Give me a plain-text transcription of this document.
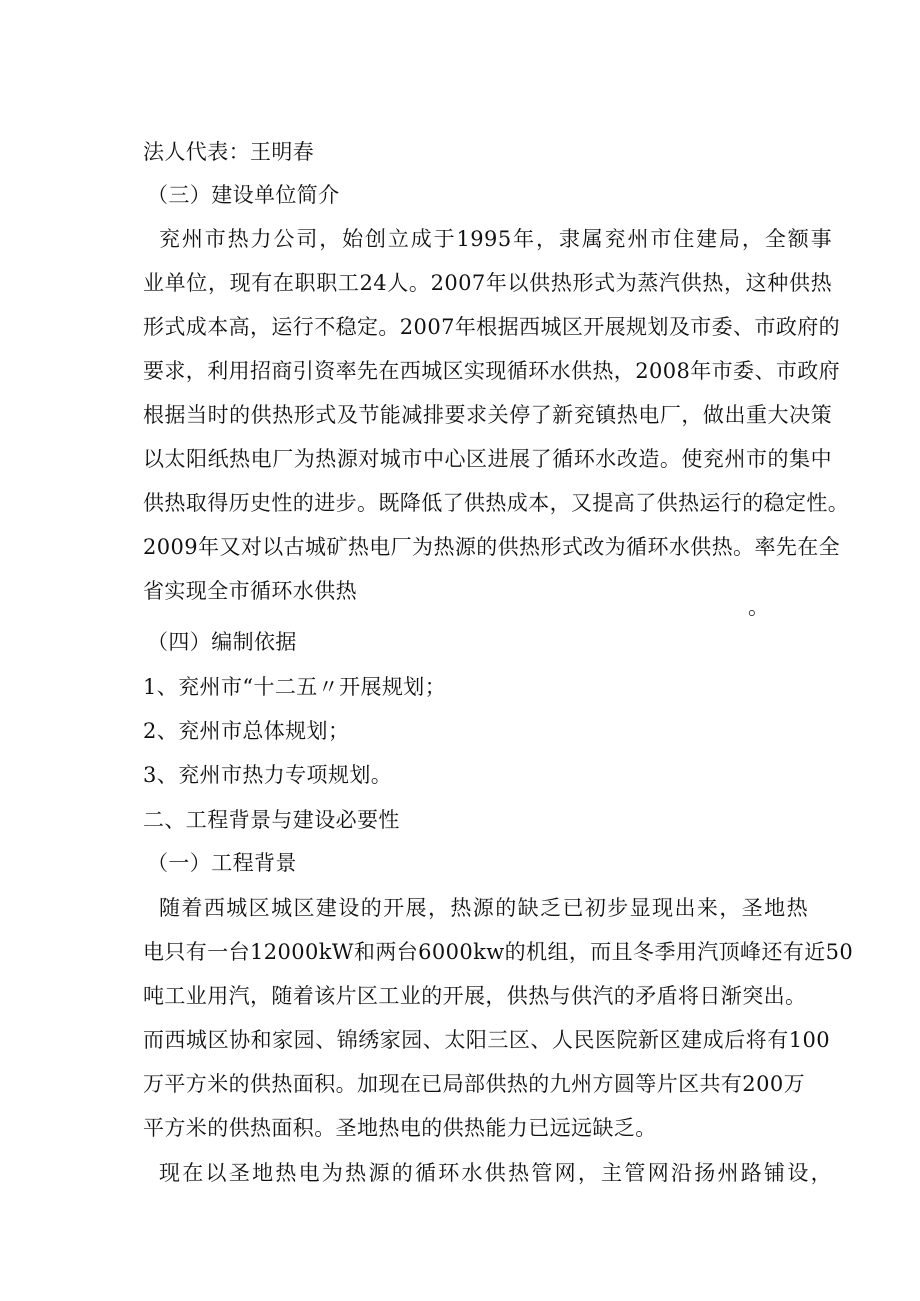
法人代表：王明春
（三）建设单位简介
兖州市热力公司，始创立成于1995年，隶属兖州市住建局，全额事
业单位，现有在职职工24人。2007年以供热形式为蒸汽供热，这种供热
形式成本高，运行不稳定。2007年根据西城区开展规划及市委、市政府的
要求，利用招商引资率先在西城区实现循环水供热，2008年市委、市政府
根据当时的供热形式及节能减排要求关停了新兖镇热电厂，做出重大决策
以太阳纸热电厂为热源对城市中心区进展了循环水改造。使兖州市的集中
供热取得历史性的进步。既降低了供热成本，又提高了供热运行的稳定性。
2009年又对以古城矿热电厂为热源的供热形式改为循环水供热。率先在全
省实现全市循环水供热
。
（四）编制依据
1、兖州市“十二五〃开展规划；
2、兖州市总体规划；
3、兖州市热力专项规划。
二、工程背景与建设必要性
（一）工程背景
随着西城区城区建设的开展，热源的缺乏已初步显现出来，圣地热
电只有一台12000kW和两台6000kw的机组，而且冬季用汽顶峰还有近50
吨工业用汽，随着该片区工业的开展，供热与供汽的矛盾将日渐突出。
而西城区协和家园、锦绣家园、太阳三区、人民医院新区建成后将有100
万平方米的供热面积。加现在已局部供热的九州方圆等片区共有200万
平方米的供热面积。圣地热电的供热能力已远远缺乏。
现在以圣地热电为热源的循环水供热管网，主管网沿扬州路铺设，
